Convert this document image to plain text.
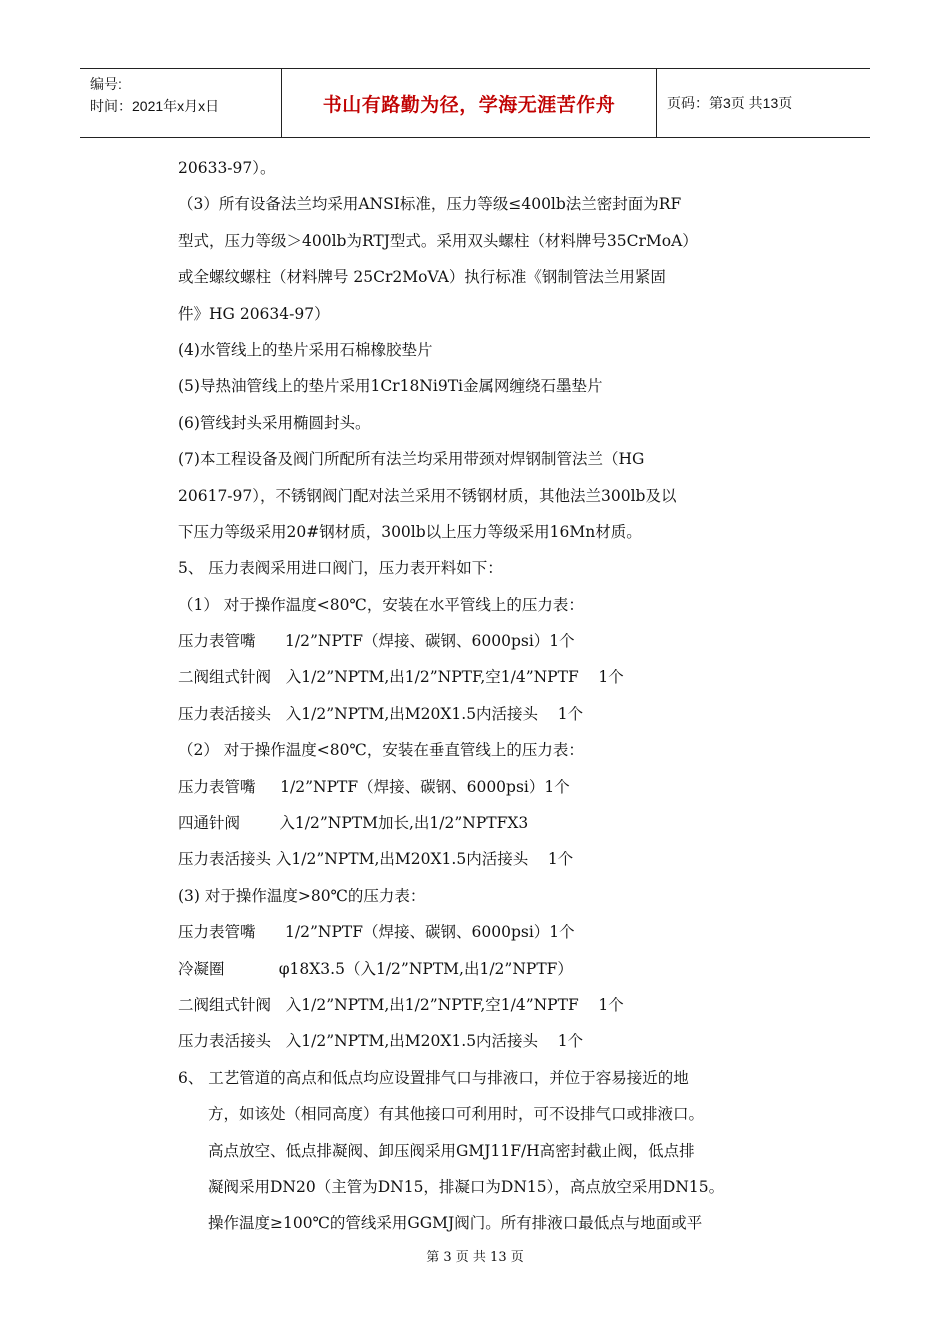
编号:
时间：2021年x月x日	书山有路勤为径，学海无涯苦作舟	页码：第3页 共13页
20633-97）。
（3）所有设备法兰均采用ANSI标准，压力等级≤400lb法兰密封面为RF
型式，压力等级＞400lb为RTJ型式。采用双头螺柱（材料牌号35CrMoA）
或全螺纹螺柱（材料牌号 25Cr2MoVA）执行标准《钢制管法兰用紧固
件》HG 20634-97）
(4)水管线上的垫片采用石棉橡胶垫片
(5)导热油管线上的垫片采用1Cr18Ni9Ti金属网缠绕石墨垫片
(6)管线封头采用椭圆封头。
(7)本工程设备及阀门所配所有法兰均采用带颈对焊钢制管法兰（HG
20617-97），不锈钢阀门配对法兰采用不锈钢材质，其他法兰300lb及以
下压力等级采用20#钢材质，300lb以上压力等级采用16Mn材质。
5、 压力表阀采用进口阀门，压力表开料如下：
（1） 对于操作温度<80℃，安装在水平管线上的压力表：
压力表管嘴      1/2”NPTF（焊接、碳钢、6000psi）1个
二阀组式针阀   入1/2”NPTM,出1/2”NPTF,空1/4”NPTF    1个
压力表活接头   入1/2”NPTM,出M20X1.5内活接头    1个
（2） 对于操作温度<80℃，安装在垂直管线上的压力表：
压力表管嘴     1/2”NPTF（焊接、碳钢、6000psi）1个
四通针阀        入1/2”NPTM加长,出1/2”NPTFX3
压力表活接头 入1/2”NPTM,出M20X1.5内活接头    1个
(3) 对于操作温度>80℃的压力表：
压力表管嘴      1/2”NPTF（焊接、碳钢、6000psi）1个
冷凝圈           φ18X3.5（入1/2”NPTM,出1/2”NPTF）
二阀组式针阀   入1/2”NPTM,出1/2”NPTF,空1/4”NPTF    1个
压力表活接头   入1/2”NPTM,出M20X1.5内活接头    1个
6、 工艺管道的高点和低点均应设置排气口与排液口，并位于容易接近的地
方，如该处（相同高度）有其他接口可利用时，可不设排气口或排液口。
高点放空、低点排凝阀、卸压阀采用GMJ11F/H高密封截止阀，低点排
凝阀采用DN20（主管为DN15，排凝口为DN15），高点放空采用DN15。
操作温度≥100℃的管线采用GGMJ阀门。所有排液口最低点与地面或平
第 3 页 共 13 页
